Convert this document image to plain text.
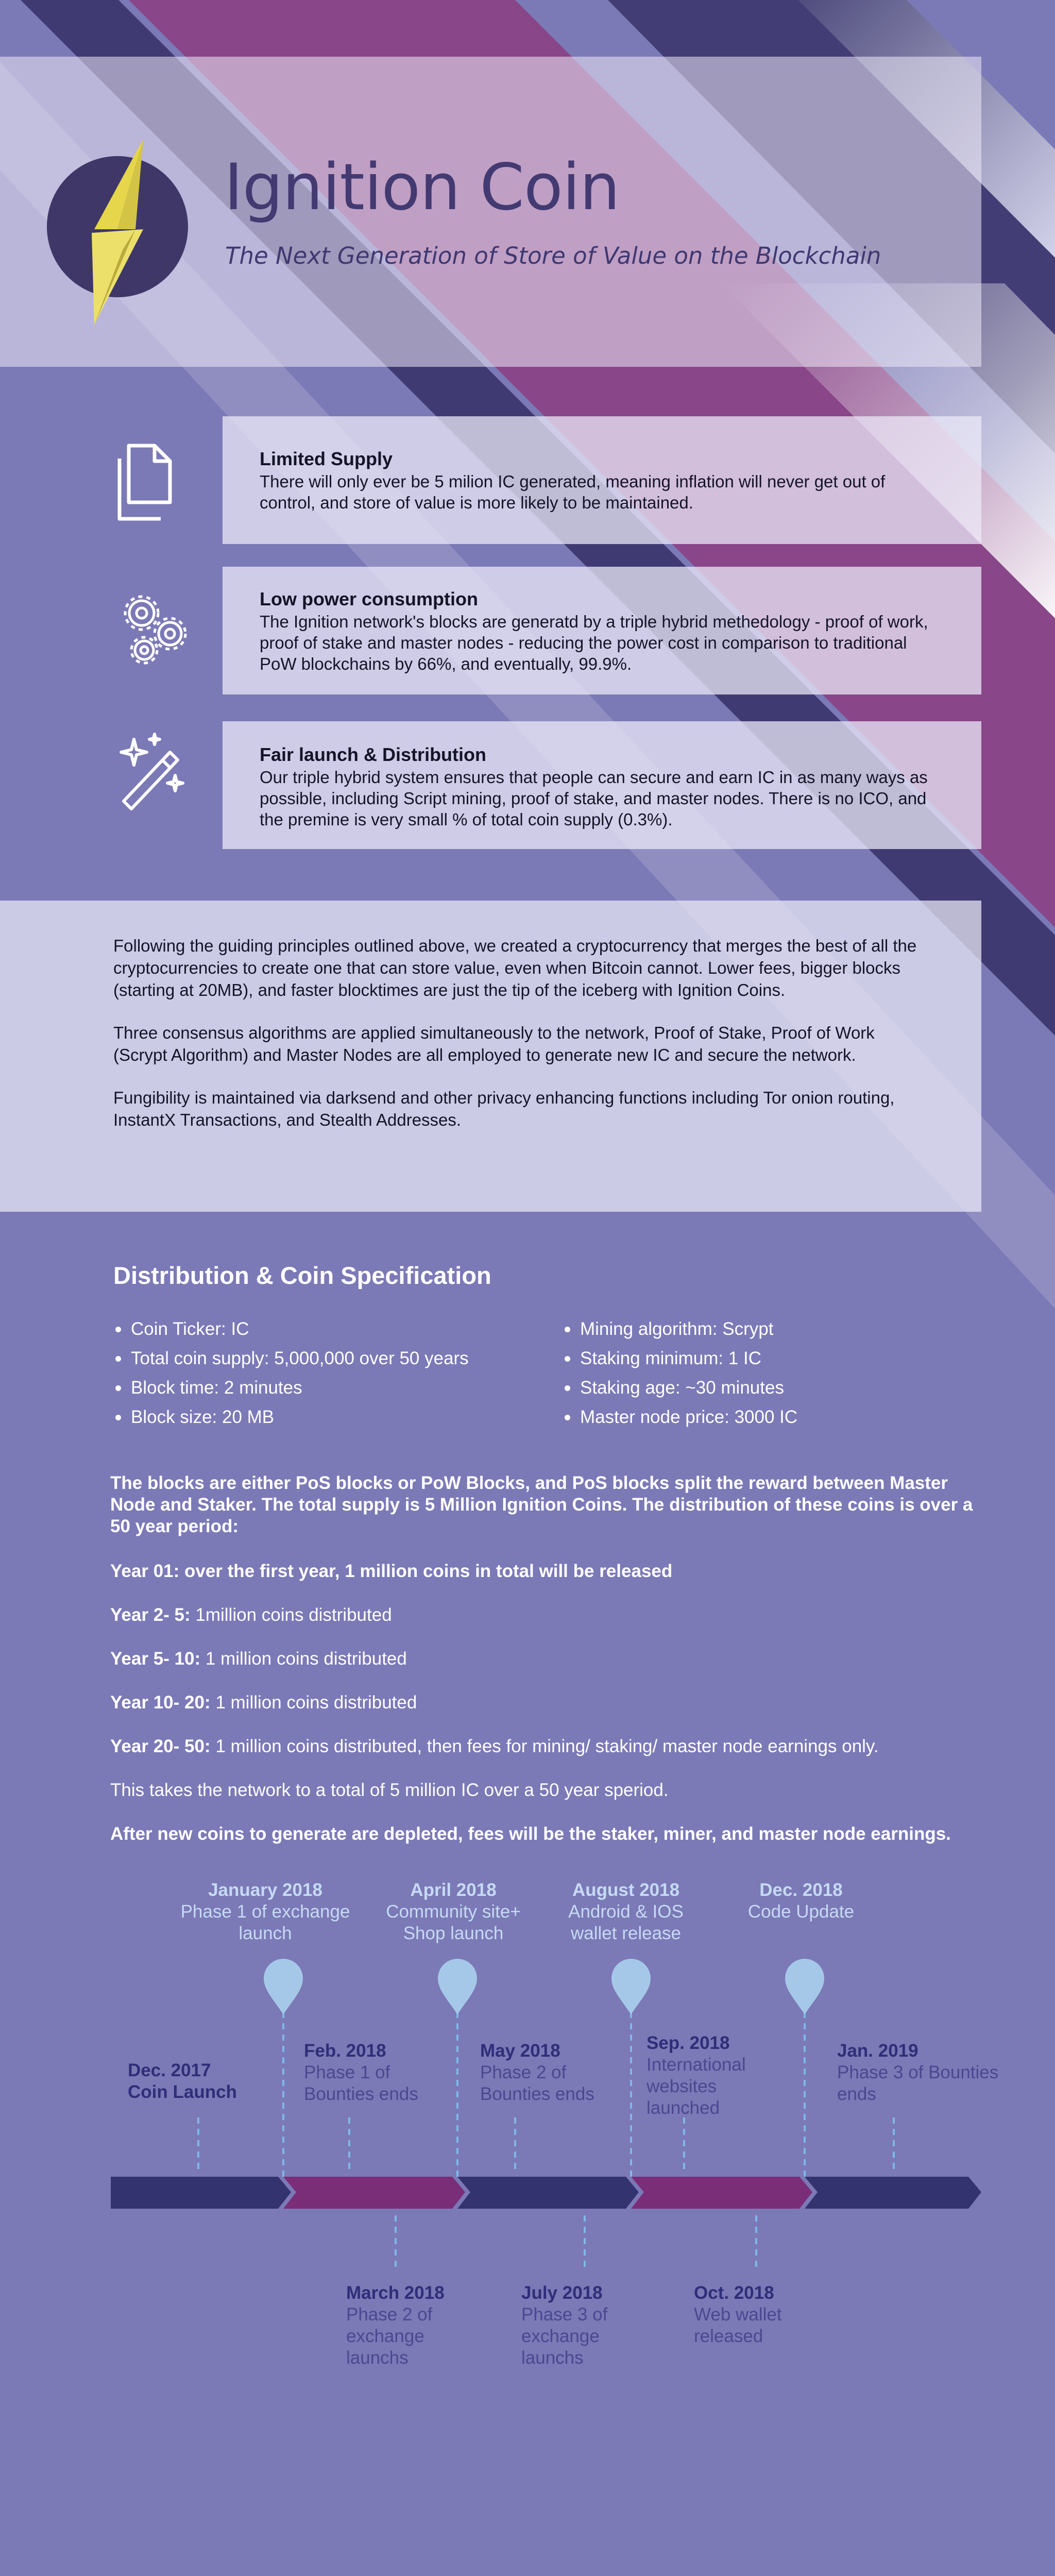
Ignition Coin

The Next Generation of Store of Value on the Blockchain

Limited Supply

There will only ever be 5 milion IC generated, meaning inflation will never get out of control, and store of value is more likely to be maintained.

Low power consumption

The Ignition network's blocks are generatd by a triple hybrid methedology - proof of work, proof of stake and master nodes - reducing the power cost in comparison to traditional PoW blockchains by 66%, and eventually, 99.9%.

Fair launch & Distribution

Our triple hybrid system ensures that people can secure and earn IC in as many ways as possible, including Script mining, proof of stake, and master nodes. There is no ICO, and the premine is very small % of total coin supply (0.3%).

Following the guiding principles outlined above, we created a cryptocurrency that merges the best of all the cryptocurrencies to create one that can store value, even when Bitcoin cannot. Lower fees, bigger blocks (starting at 20MB), and faster blocktimes are just the tip of the iceberg with Ignition Coins.

Three consensus algorithms are applied simultaneously to the network, Proof of Stake, Proof of Work (Scrypt Algorithm) and Master Nodes are all employed to generate new IC and secure the network.

Fungibility is maintained via darksend and other privacy enhancing functions including Tor onion routing, InstantX Transactions, and Stealth Addresses.

Distribution & Coin Specification
Coin Ticker: IC
Total coin supply: 5,000,000 over 50 years
Block time: 2 minutes
Block size: 20 MB
Mining algorithm: Scrypt
Staking minimum: 1 IC
Staking age: ~30 minutes
Master node price: 3000 IC

The blocks are either PoS blocks or PoW Blocks, and PoS blocks split the reward between Master Node and Staker. The total supply is 5 Million Ignition Coins. The distribution of these coins is over a 50 year period:

Year 01: over the first year, 1 million coins in total will be released

Year 2- 5: 1million coins distributed

Year 5- 10: 1 million coins distributed

Year 10- 20: 1 million coins distributed

Year 20- 50: 1 million coins distributed, then fees for mining/ staking/ master node earnings only.

This takes the network to a total of 5 million IC over a 50 year speriod.

After new coins to generate are depleted, fees will be the staker, miner, and master node earnings.

January 2018
Phase 1 of exchange launch
April 2018
Community site+ Shop launch
August 2018
Android & IOS wallet release
Dec. 2018
Code Update
Dec. 2017
Coin Launch
Feb. 2018
Phase 1 of Bounties ends
May 2018
Phase 2 of Bounties ends
Sep. 2018
International websites launched
Jan. 2019
Phase 3 of Bounties ends
March 2018
Phase 2 of exchange launchs
July 2018
Phase 3 of exchange launchs
Oct. 2018
Web wallet released
